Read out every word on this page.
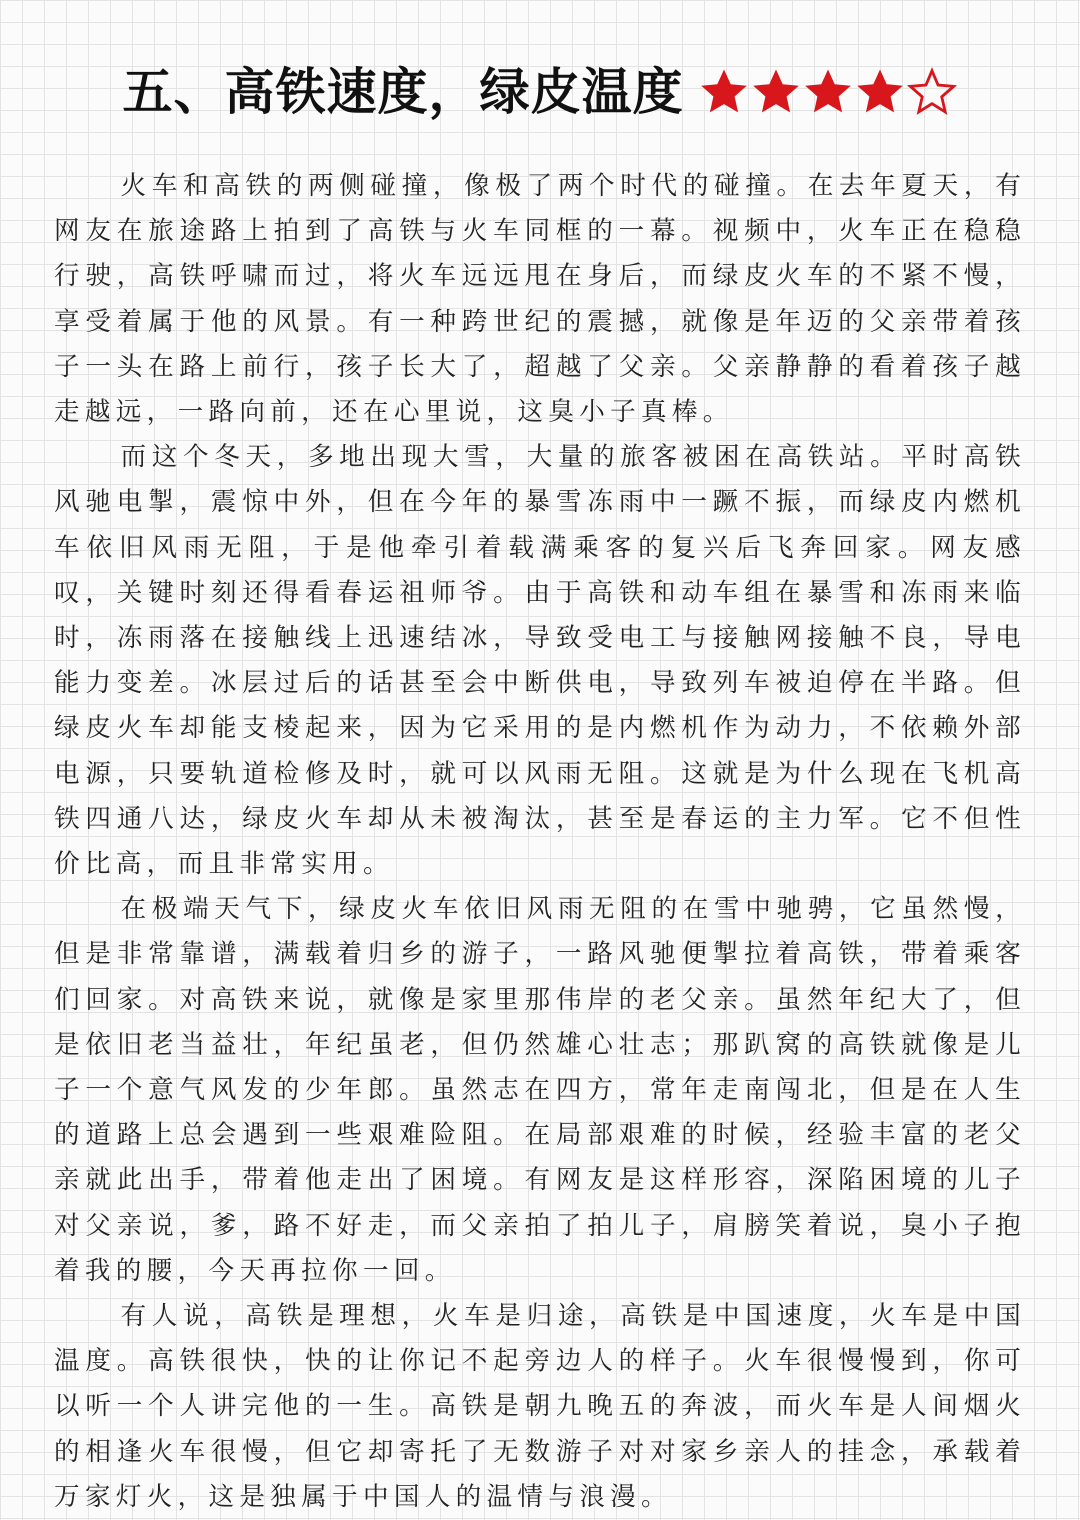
五、高铁速度，绿皮温度

火车和高铁的两侧碰撞，像极了两个时代的碰撞。在去年夏天，有网友在旅途路上拍到了高铁与火车同框的一幕。视频中，火车正在稳稳行驶，高铁呼啸而过，将火车远远甩在身后，而绿皮火车的不紧不慢，享受着属于他的风景。有一种跨世纪的震撼，就像是年迈的父亲带着孩子一头在路上前行，孩子长大了，超越了父亲。父亲静静的看着孩子越走越远，一路向前，还在心里说，这臭小子真棒。

而这个冬天，多地出现大雪，大量的旅客被困在高铁站。平时高铁风驰电掣，震惊中外，但在今年的暴雪冻雨中一蹶不振，而绿皮内燃机车依旧风雨无阻，于是他牵引着载满乘客的复兴后飞奔回家。网友感叹，关键时刻还得看春运祖师爷。由于高铁和动车组在暴雪和冻雨来临时，冻雨落在接触线上迅速结冰，导致受电工与接触网接触不良，导电能力变差。冰层过后的话甚至会中断供电，导致列车被迫停在半路。但绿皮火车却能支棱起来，因为它采用的是内燃机作为动力，不依赖外部电源，只要轨道检修及时，就可以风雨无阻。这就是为什么现在飞机高铁四通八达，绿皮火车却从未被淘汰，甚至是春运的主力军。它不但性价比高，而且非常实用。

在极端天气下，绿皮火车依旧风雨无阻的在雪中驰骋，它虽然慢，但是非常靠谱，满载着归乡的游子，一路风驰便掣拉着高铁，带着乘客们回家。对高铁来说，就像是家里那伟岸的老父亲。虽然年纪大了，但是依旧老当益壮，年纪虽老，但仍然雄心壮志；那趴窝的高铁就像是儿子一个意气风发的少年郎。虽然志在四方，常年走南闯北，但是在人生的道路上总会遇到一些艰难险阻。在局部艰难的时候，经验丰富的老父亲就此出手，带着他走出了困境。有网友是这样形容，深陷困境的儿子对父亲说，爹，路不好走，而父亲拍了拍儿子，肩膀笑着说，臭小子抱着我的腰，今天再拉你一回。

有人说，高铁是理想，火车是归途，高铁是中国速度，火车是中国温度。高铁很快，快的让你记不起旁边人的样子。火车很慢慢到，你可以听一个人讲完他的一生。高铁是朝九晚五的奔波，而火车是人间烟火的相逢火车很慢，但它却寄托了无数游子对对家乡亲人的挂念，承载着万家灯火，这是独属于中国人的温情与浪漫。
